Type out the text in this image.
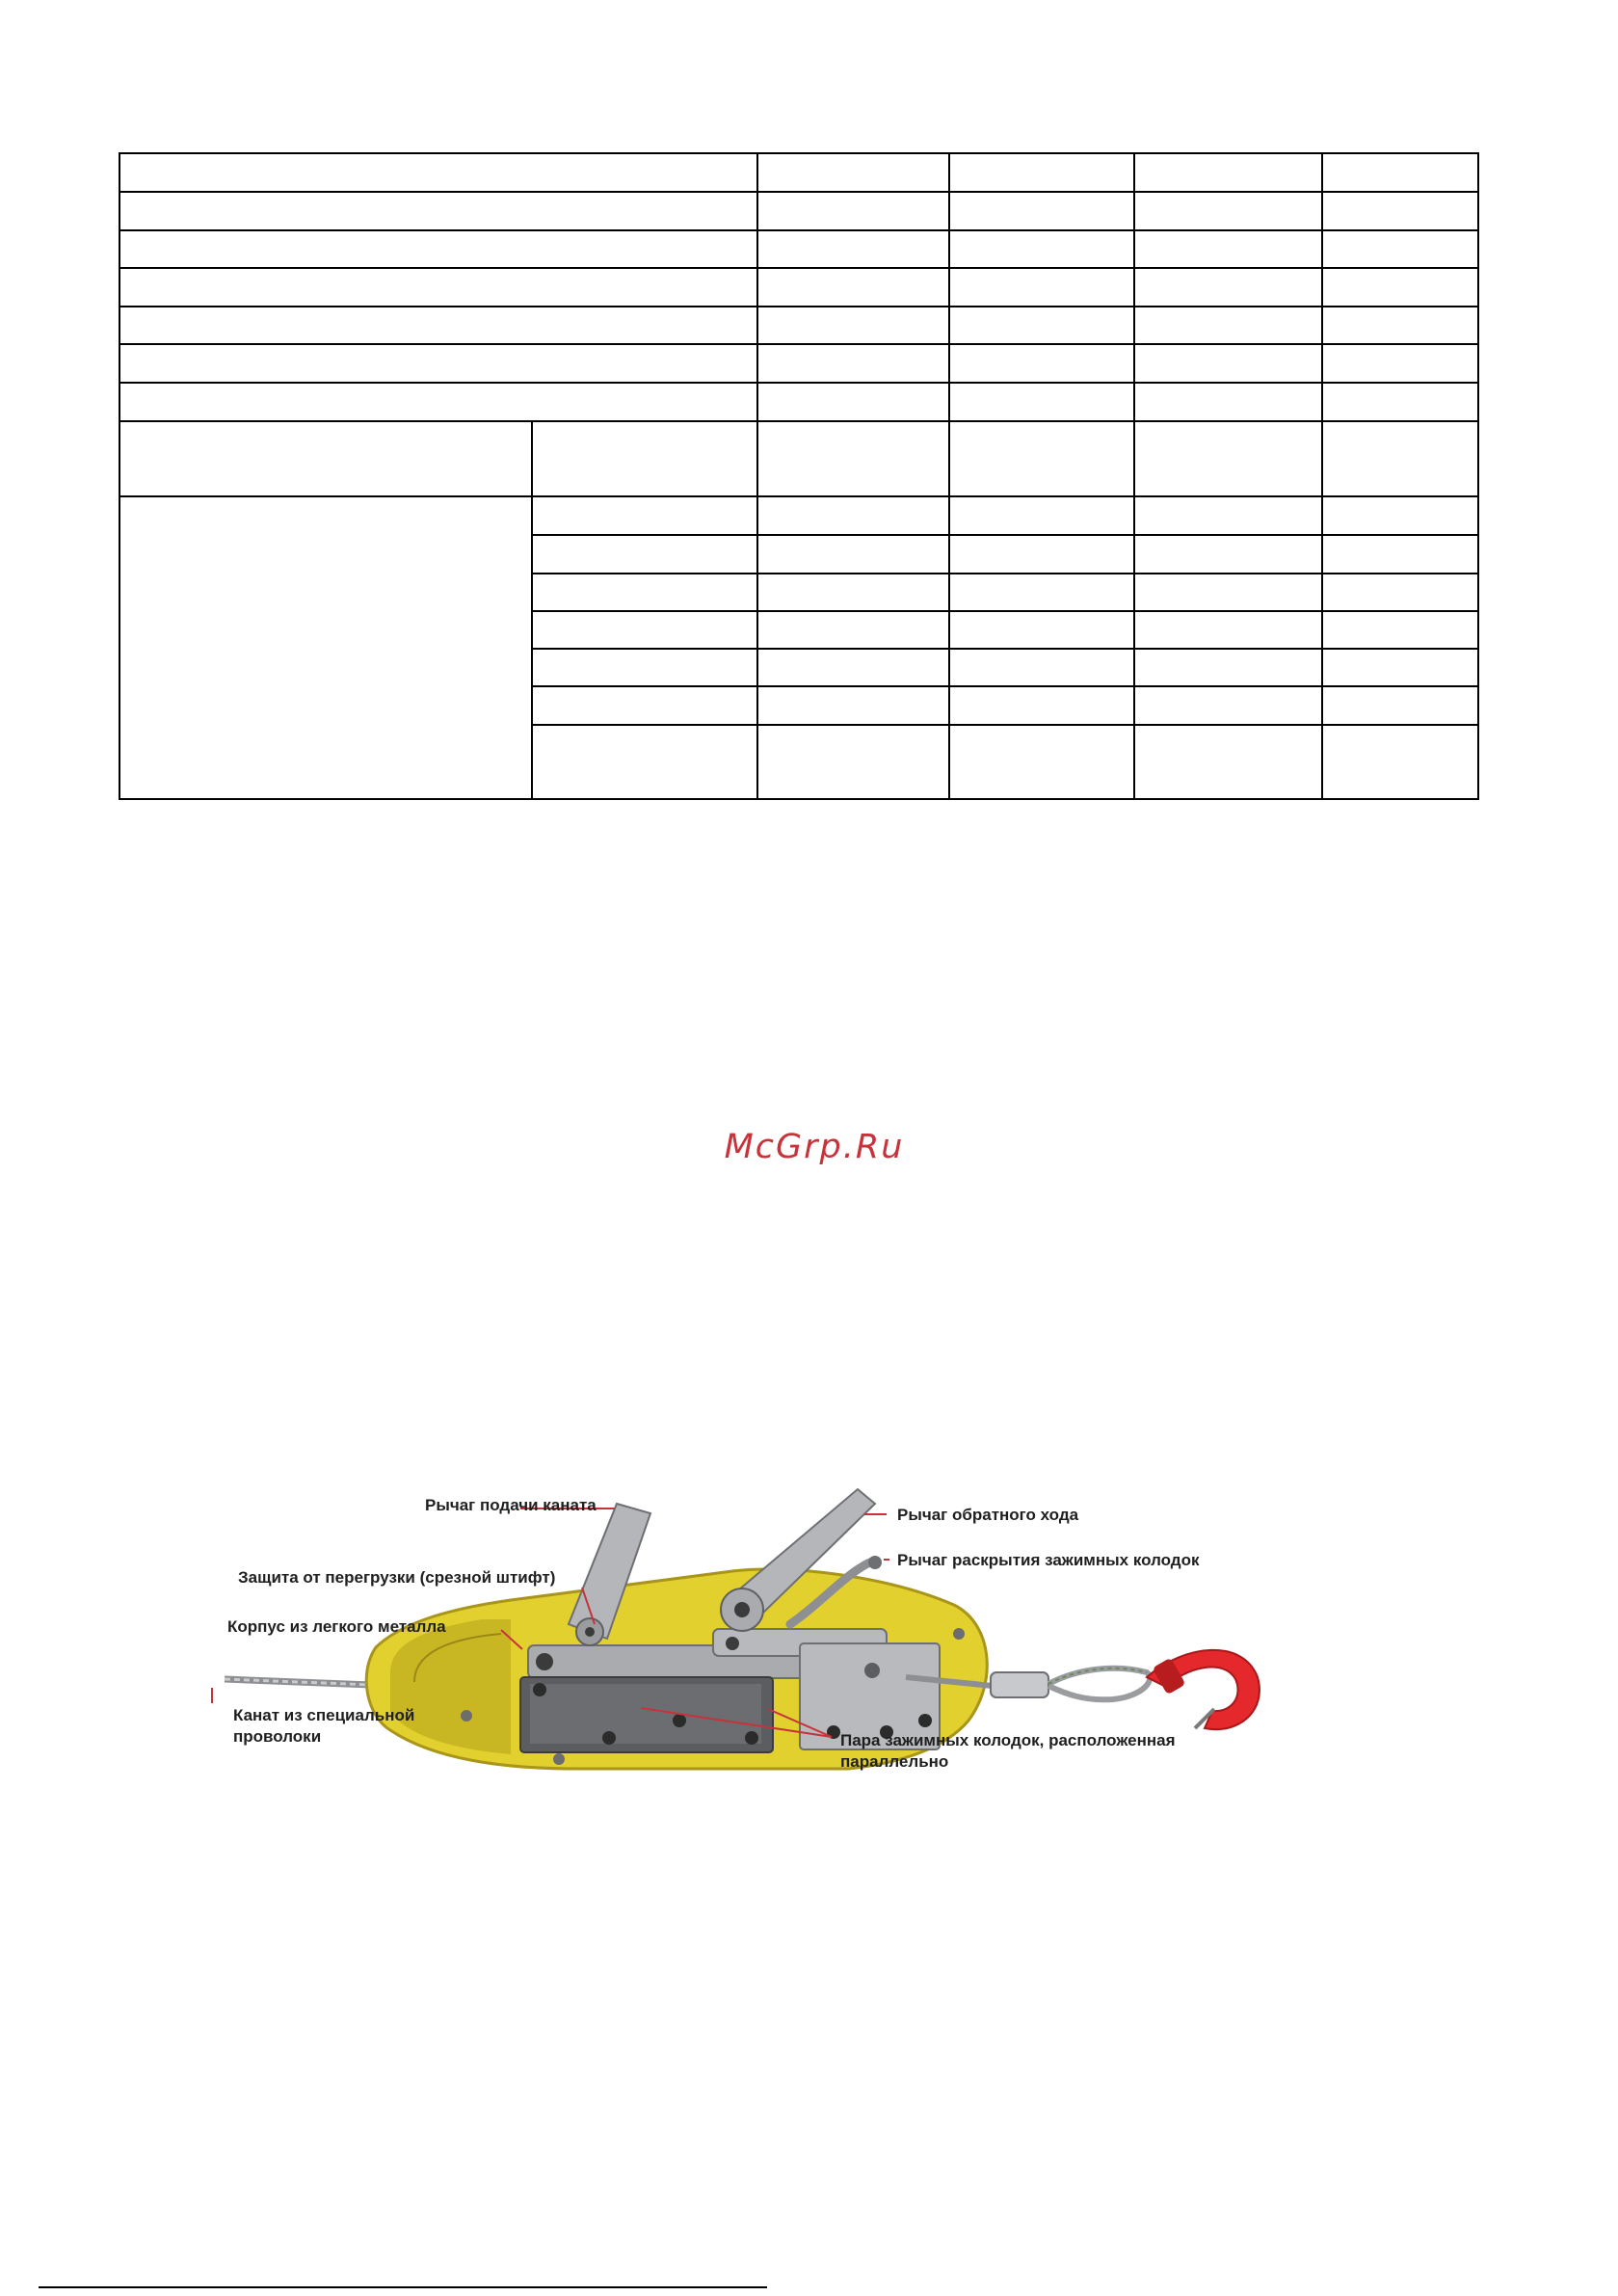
McGrp.Ru
Рычаг подачи каната
Рычаг обратного хода
Защита от перегрузки (срезной штифт)
Рычаг раскрытия зажимных колодок
Корпус из легкого металла
Канат из специальной
проволоки	Пара зажимных колодок, расположенная
параллельно
